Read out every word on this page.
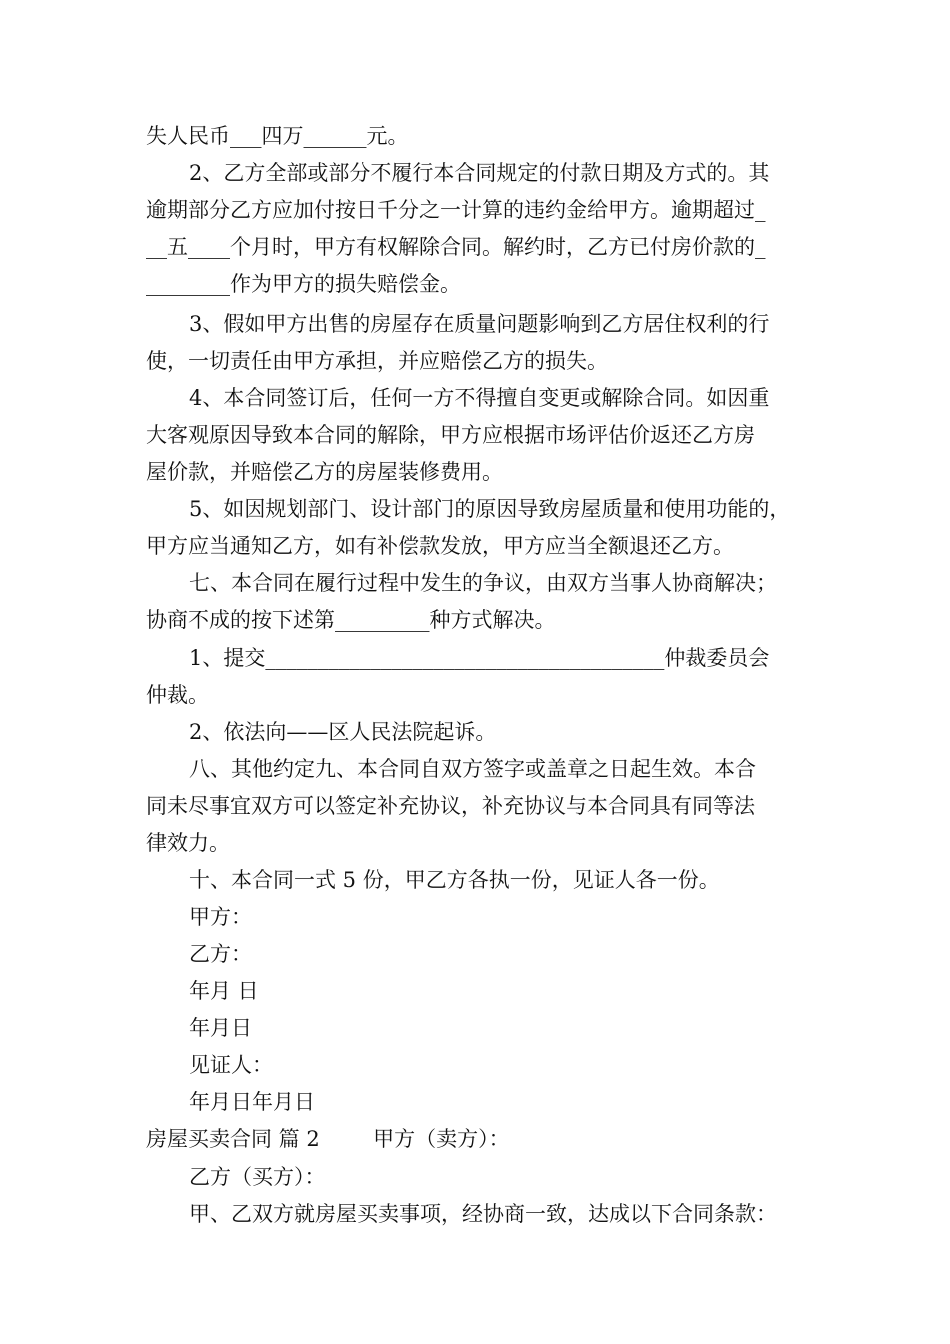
失人民币___四万______元。
2、乙方全部或部分不履行本合同规定的付款日期及方式的。其
逾期部分乙方应加付按日千分之一计算的违约金给甲方。逾期超过_
__五____个月时，甲方有权解除合同。解约时，乙方已付房价款的_
________作为甲方的损失赔偿金。
3、假如甲方出售的房屋存在质量问题影响到乙方居住权利的行
使，一切责任由甲方承担，并应赔偿乙方的损失。
4、本合同签订后，任何一方不得擅自变更或解除合同。如因重
大客观原因导致本合同的解除，甲方应根据市场评估价返还乙方房
屋价款，并赔偿乙方的房屋装修费用。
5、如因规划部门、设计部门的原因导致房屋质量和使用功能的，
甲方应当通知乙方，如有补偿款发放，甲方应当全额退还乙方。
七、本合同在履行过程中发生的争议，由双方当事人协商解决；
协商不成的按下述第_________种方式解决。
1、提交______________________________________仲裁委员会
仲裁。
2、依法向——区人民法院起诉。
八、其他约定九、本合同自双方签字或盖章之日起生效。本合
同未尽事宜双方可以签定补充协议，补充协议与本合同具有同等法
律效力。
十、本合同一式 5 份，甲乙方各执一份，见证人各一份。
甲方：
乙方：
年月 日
年月日
见证人：
年月日年月日
房屋买卖合同 篇 2        甲方（卖方）：
乙方（买方）：
甲、乙双方就房屋买卖事项，经协商一致，达成以下合同条款：
